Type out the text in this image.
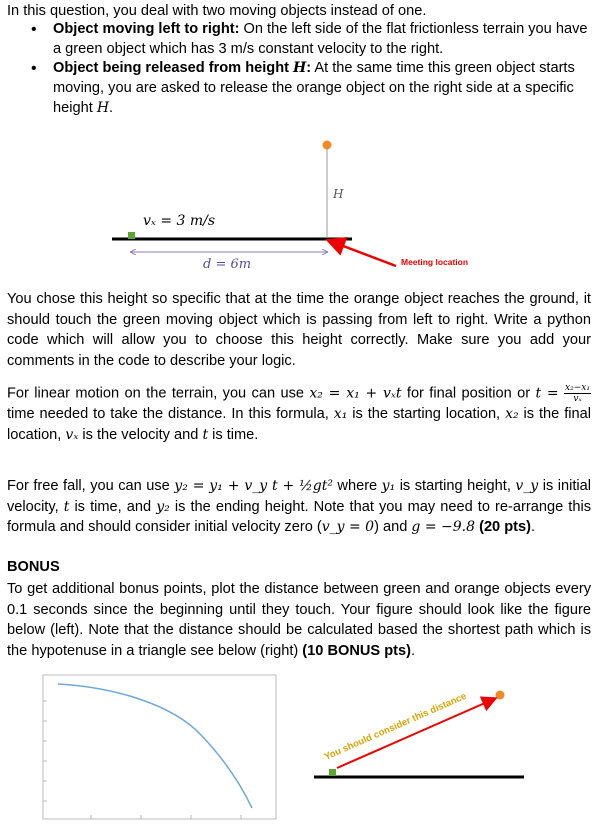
In this question, you deal with two moving objects instead of one.

• Object moving left to right: On the left side of the flat frictionless terrain you have a green object which has 3 m/s constant velocity to the right.
• Object being released from height H: At the same time this green object starts moving, you are asked to release the orange object on the right side at a specific height H.
vₓ = 3 m/s
H
d = 6m	Meeting location

You chose this height so specific that at the time the orange object reaches the ground, it should touch the green moving object which is passing from left to right. Write a python code which will allow you to choose this height correctly. Make sure you add your comments in the code to describe your logic.

For linear motion on the terrain, you can use x₂ = x₁ + vₓt for final position or $t = \frac{\text{x₂−x₁}}{\text{vₓ}}$
time needed to take the distance. In this formula, x₁ is the starting location, x₂ is the final location, vₓ is the velocity and t is time.

For free fall, you can use y₂ = y₁ + v_y t + ½gt² where y₁ is starting height, v_y is initial velocity, t is time, and y₂ is the ending height. Note that you may need to re-arrange this formula and should consider initial velocity zero (v_y = 0) and g = −9.8 (20 pts).

BONUS

To get additional bonus points, plot the distance between green and orange objects every 0.1 seconds since the beginning until they touch. Your figure should look like the figure below (left). Note that the distance should be calculated based the shortest path which is the hypotenuse in a triangle see below (right) (10 BONUS pts).

You should consider this distance
